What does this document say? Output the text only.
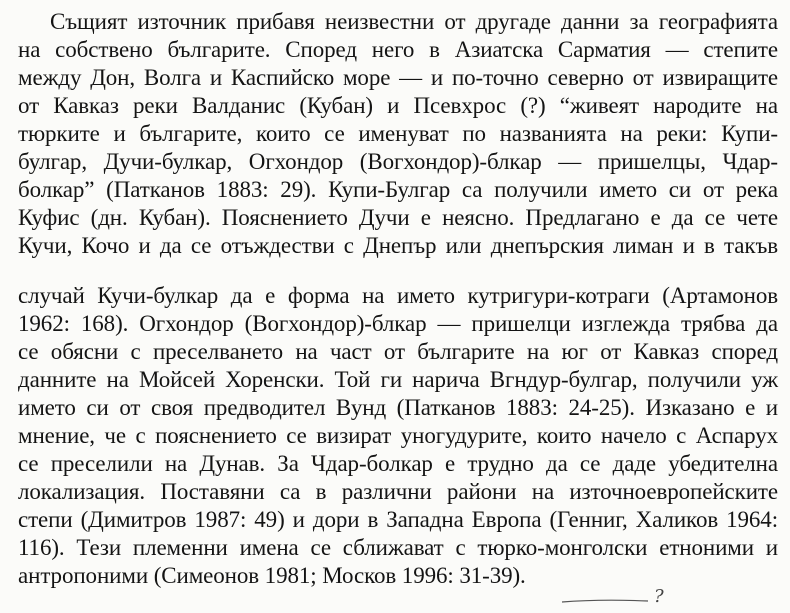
Същият източник прибавя неизвестни от другаде данни за географията
на собствено българите. Според него в Азиатска Сарматия — степите
между Дон, Волга и Каспийско море — и по-точно северно от извиращите
от Кавказ реки Валданис (Кубан) и Псевхрос (?) “живеят народите на
тюрките и българите, които се именуват по названията на реки: Купи-
булгар, Дучи-булкар, Огхондор (Вогхондор)-блкар — пришелцы, Чдар-
болкар” (Патканов 1883: 29). Купи-Булгар са получили името си от река
Куфис (дн. Кубан). Пояснението Дучи е неясно. Предлагано е да се чете
Кучи, Кочо и да се отъждестви с Днепър или днепърския лиман и в такъв
случай Кучи-булкар да е форма на името кутригури-котраги (Артамонов
1962: 168). Огхондор (Вогхондор)-блкар — пришелци изглежда трябва да
се обясни с преселването на част от българите на юг от Кавказ според
данните на Мойсей Хоренски. Той ги нарича Вгндур-булгар, получили уж
името си от своя предводител Вунд (Патканов 1883: 24-25). Изказано е и
мнение, че с пояснението се визират уногудурите, които начело с Аспарух
се преселили на Дунав. За Чдар-болкар е трудно да се даде убедителна
локализация. Поставяни са в различни райони на източноевропейските
степи (Димитров 1987: 49) и дори в Западна Европа (Генниг, Халиков 1964:
116). Тези племенни имена се сближават с тюрко-монголски етноними и
антропоними (Симеонов 1981; Москов 1996: 31-39).
?
